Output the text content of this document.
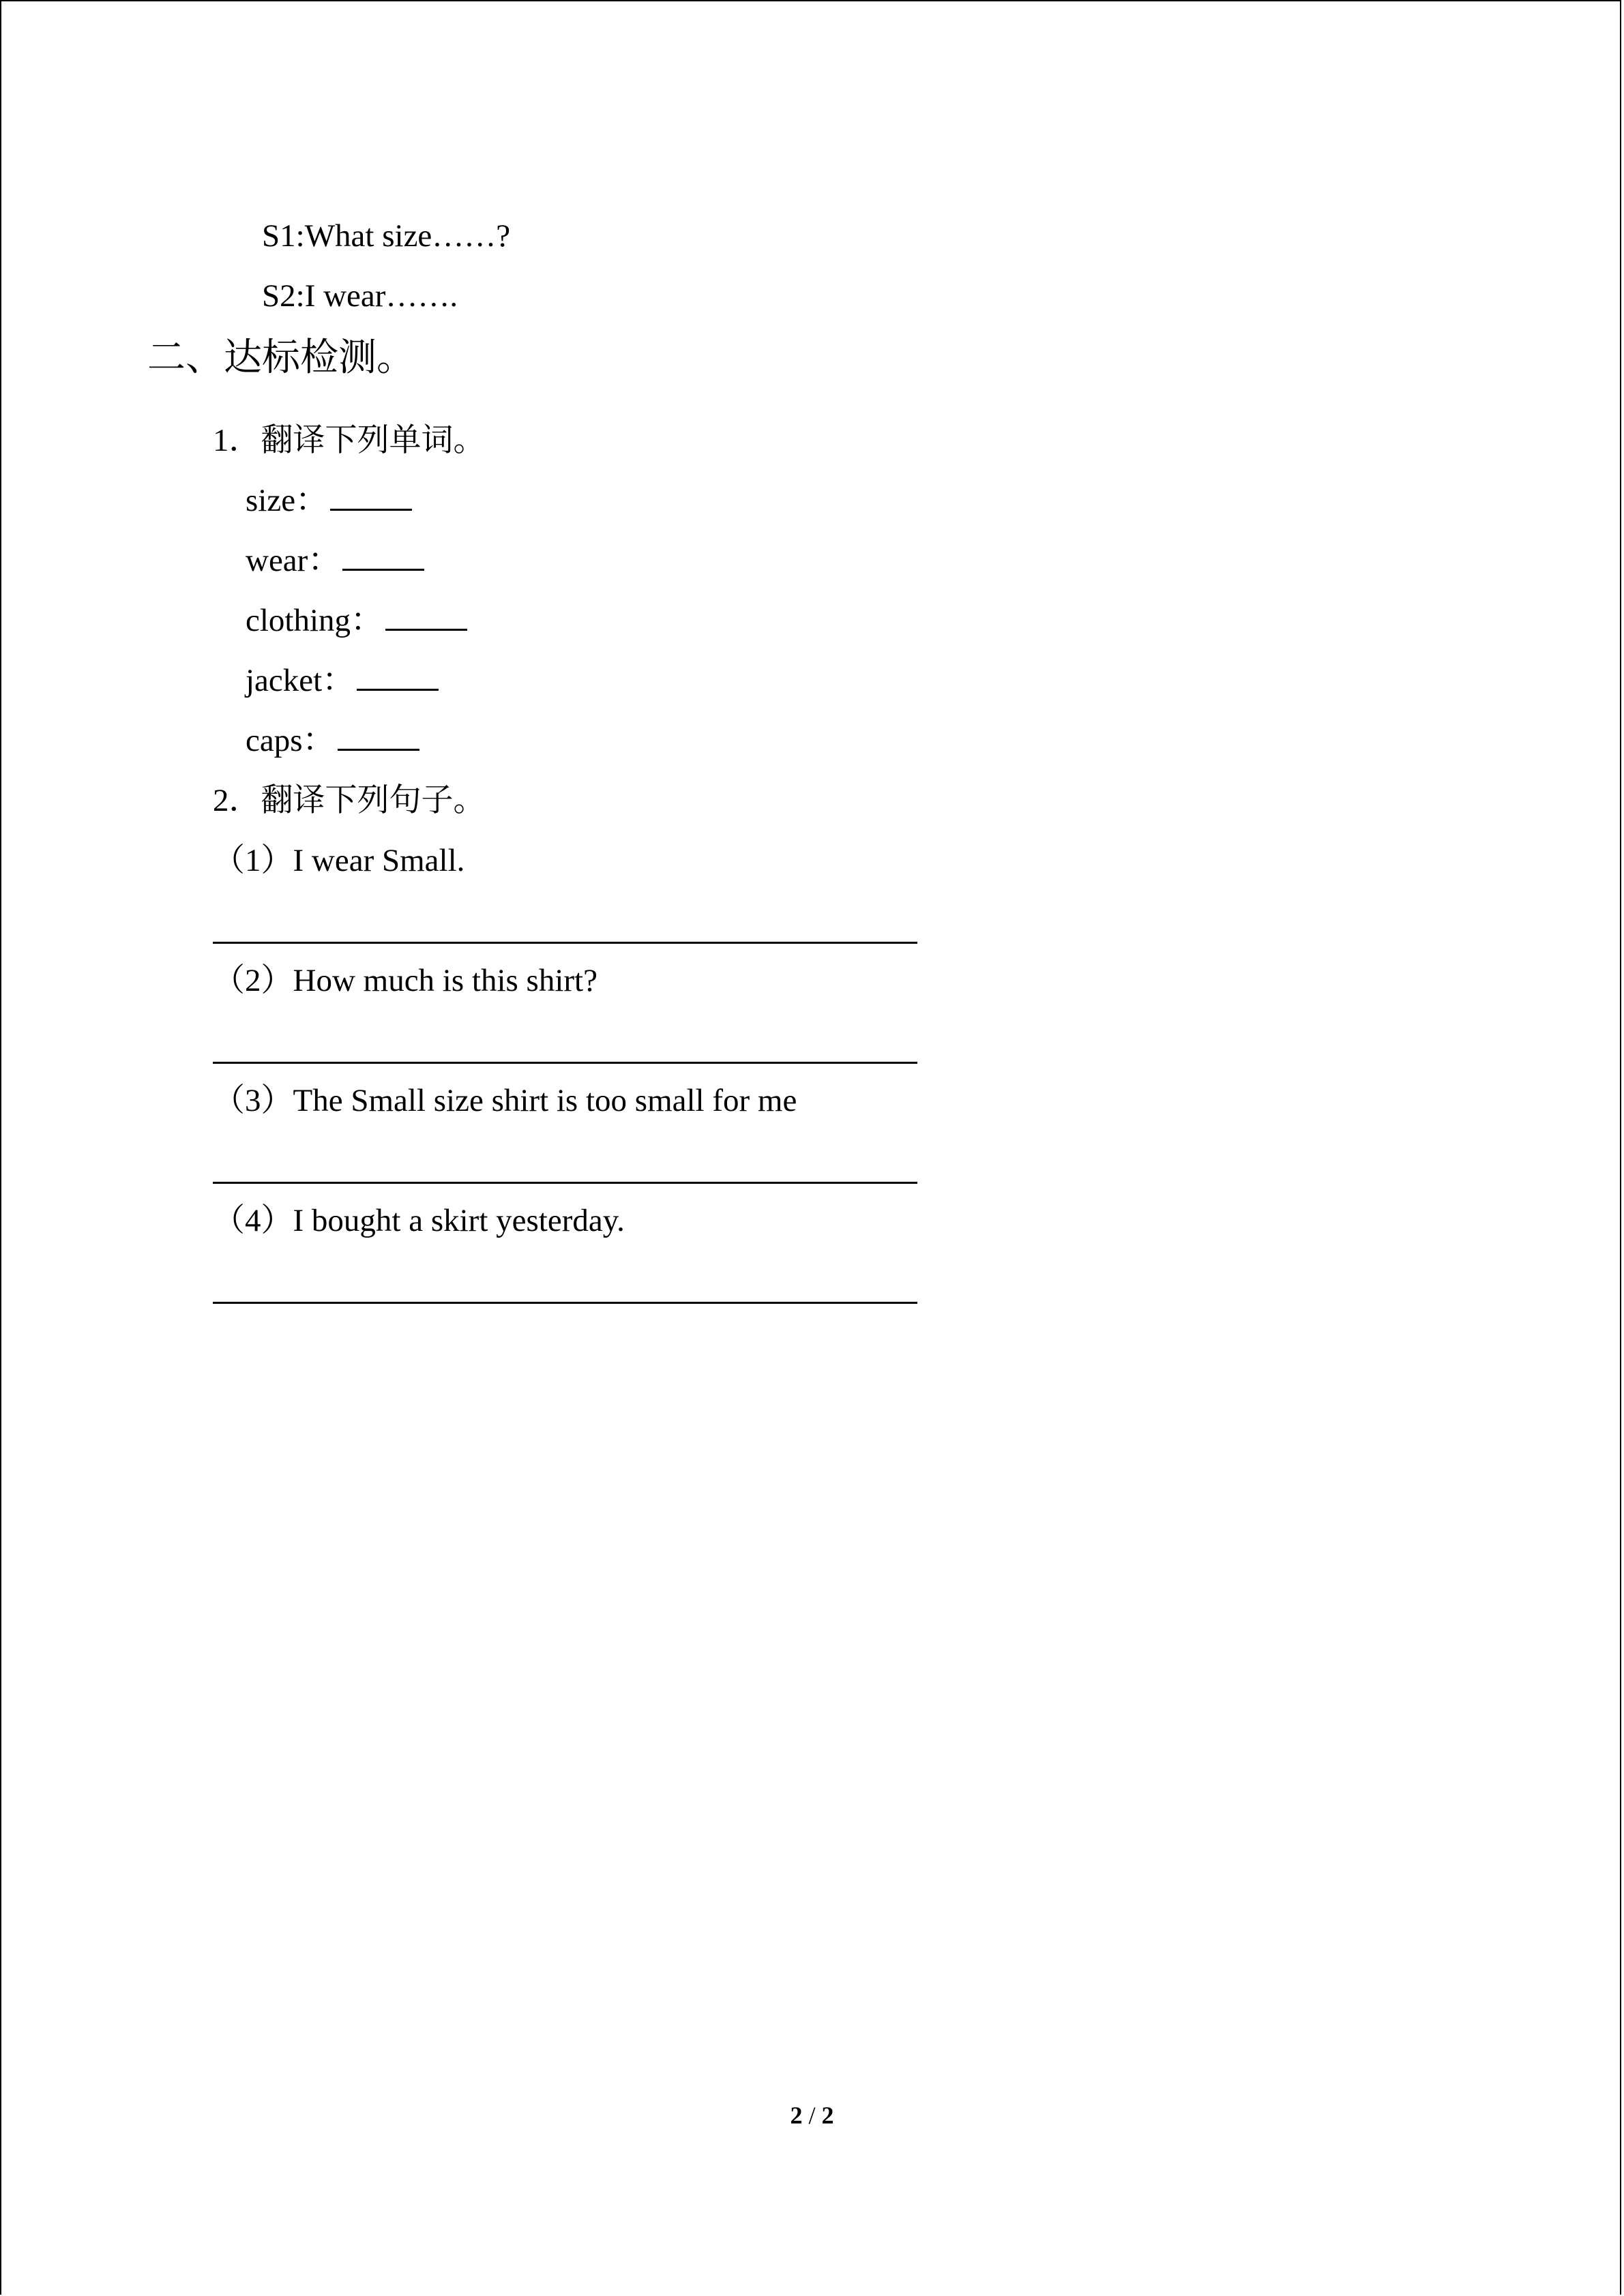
S1:What size……?
S2:I wear…….
二、达标检测。
1．翻译下列单词。
size：
wear：
clothing：
jacket：
caps：
2．翻译下列句子。
（1）I wear Small.
（2）How much is this shirt?
（3）The Small size shirt is too small for me
（4）I bought a skirt yesterday.
2 / 2
